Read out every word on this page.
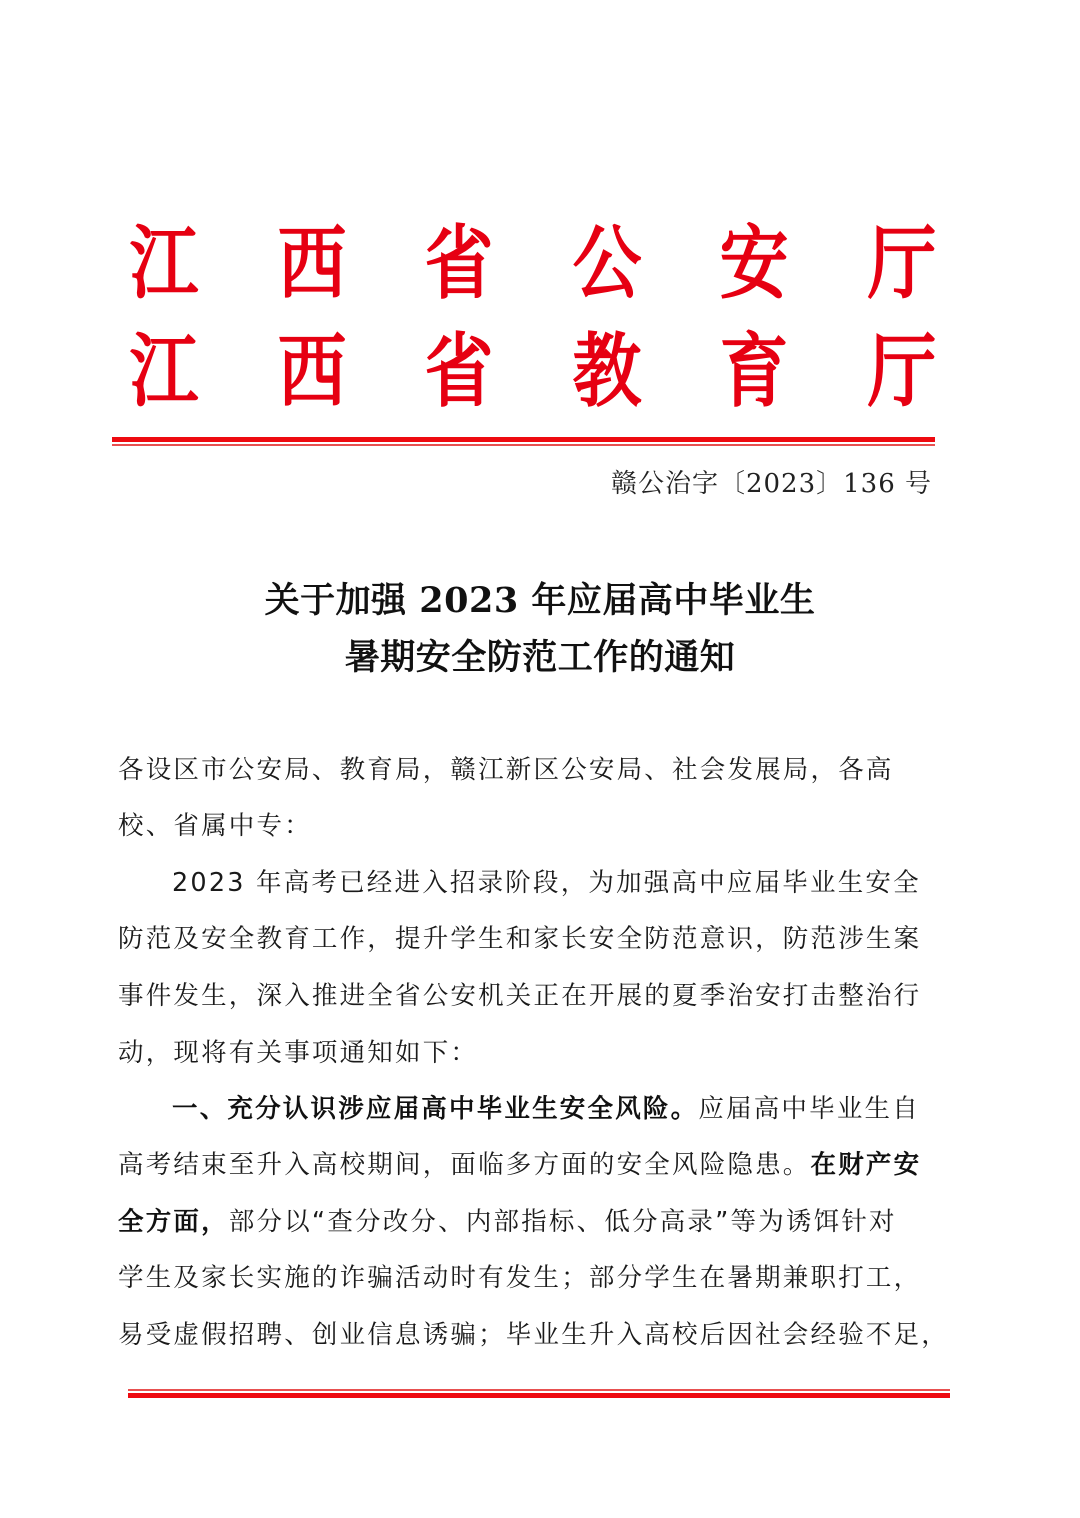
江 西 省 公 安 厅
江 西 省 教 育 厅
赣公治字〔2023〕136 号
关于加强 2023 年应届高中毕业生
暑期安全防范工作的通知
各设区市公安局、教育局，赣江新区公安局、社会发展局，各高
校、省属中专：
2023 年高考已经进入招录阶段，为加强高中应届毕业生安全
防范及安全教育工作，提升学生和家长安全防范意识，防范涉生案
事件发生，深入推进全省公安机关正在开展的夏季治安打击整治行
动，现将有关事项通知如下：
一、充分认识涉应届高中毕业生安全风险。应届高中毕业生自
高考结束至升入高校期间，面临多方面的安全风险隐患。在财产安
全方面，部分以“查分改分、内部指标、低分高录”等为诱饵针对
学生及家长实施的诈骗活动时有发生；部分学生在暑期兼职打工，
易受虚假招聘、创业信息诱骗；毕业生升入高校后因社会经验不足，
